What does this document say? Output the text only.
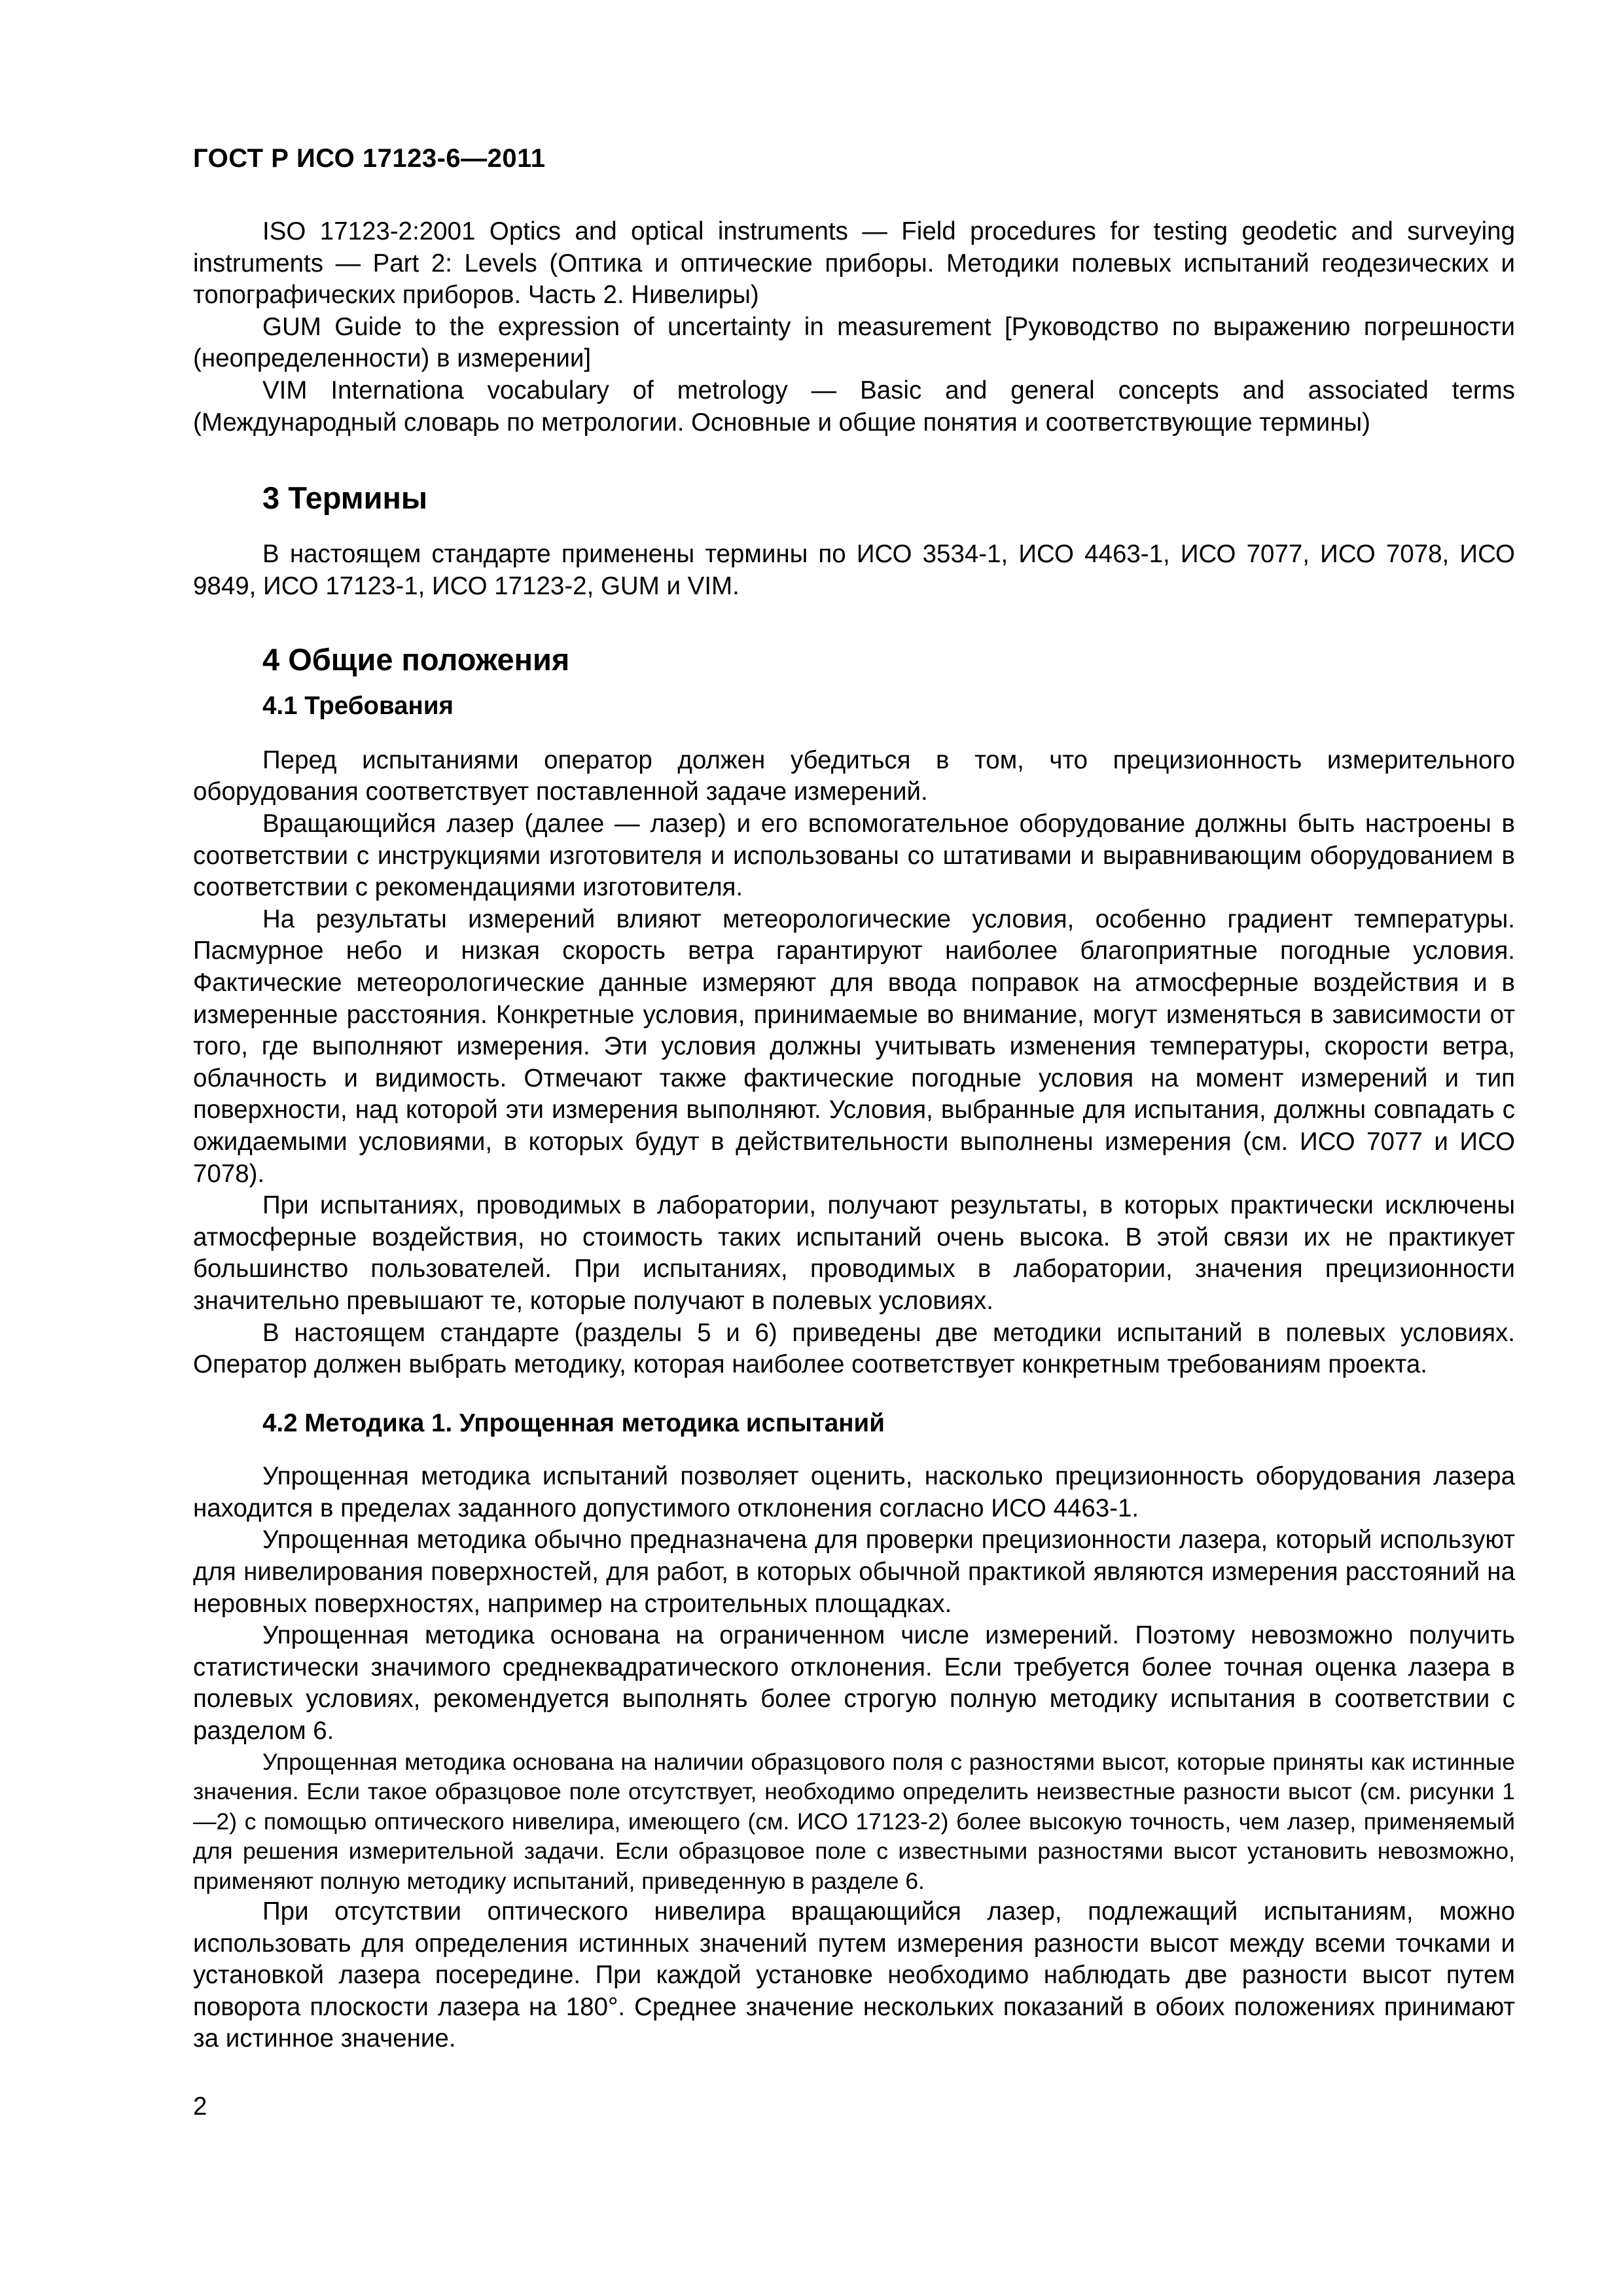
ГОСТ Р ИСО 17123-6—2011

ISO 17123-2:2001 Optics and optical instruments — Field procedures for testing geodetic and surveying instruments — Part 2: Levels (Оптика и оптические приборы. Методики полевых испытаний геодезических и топографических приборов. Часть 2. Нивелиры)

GUM Guide to the expression of uncertainty in measurement [Руководство по выражению погрешности (неопределенности) в измерении]

VIM Internationa vocabulary of metrology — Basic and general concepts and associated terms (Международный словарь по метрологии. Основные и общие понятия и соответствующие термины)

3 Термины

В настоящем стандарте применены термины по ИСО 3534-1, ИСО 4463-1, ИСО 7077, ИСО 7078, ИСО 9849, ИСО 17123-1, ИСО 17123-2, GUM и VIM.

4 Общие положения
4.1 Требования

Перед испытаниями оператор должен убедиться в том, что прецизионность измерительного оборудования соответствует поставленной задаче измерений.

Вращающийся лазер (далее — лазер) и его вспомогательное оборудование должны быть настроены в соответствии с инструкциями изготовителя и использованы со штативами и выравнивающим оборудованием в соответствии с рекомендациями изготовителя.

На результаты измерений влияют метеорологические условия, особенно градиент температуры. Пасмурное небо и низкая скорость ветра гарантируют наиболее благоприятные погодные условия. Фактические метеорологические данные измеряют для ввода поправок на атмосферные воздействия и в измеренные расстояния. Конкретные условия, принимаемые во внимание, могут изменяться в зависимости от того, где выполняют измерения. Эти условия должны учитывать изменения температуры, скорости ветра, облачность и видимость. Отмечают также фактические погодные условия на момент измерений и тип поверхности, над которой эти измерения выполняют. Условия, выбранные для испытания, должны совпадать с ожидаемыми условиями, в которых будут в действительности выполнены измерения (см. ИСО 7077 и ИСО 7078).

При испытаниях, проводимых в лаборатории, получают результаты, в которых практически исключены атмосферные воздействия, но стоимость таких испытаний очень высока. В этой связи их не практикует большинство пользователей. При испытаниях, проводимых в лаборатории, значения прецизионности значительно превышают те, которые получают в полевых условиях.

В настоящем стандарте (разделы 5 и 6) приведены две методики испытаний в полевых условиях. Оператор должен выбрать методику, которая наиболее соответствует конкретным требованиям проекта.

4.2 Методика 1. Упрощенная методика испытаний

Упрощенная методика испытаний позволяет оценить, насколько прецизионность оборудования лазера находится в пределах заданного допустимого отклонения согласно ИСО 4463-1.

Упрощенная методика обычно предназначена для проверки прецизионности лазера, который используют для нивелирования поверхностей, для работ, в которых обычной практикой являются измерения расстояний на неровных поверхностях, например на строительных площадках.

Упрощенная методика основана на ограниченном числе измерений. Поэтому невозможно получить статистически значимого среднеквадратического отклонения. Если требуется более точная оценка лазера в полевых условиях, рекомендуется выполнять более строгую полную методику испытания в соответствии с разделом 6.

Упрощенная методика основана на наличии образцового поля с разностями высот, которые приняты как истинные значения. Если такое образцовое поле отсутствует, необходимо определить неизвестные разности высот (см. рисунки 1—2) с помощью оптического нивелира, имеющего (см. ИСО 17123-2) более высокую точность, чем лазер, применяемый для решения измерительной задачи. Если образцовое поле с известными разностями высот установить невозможно, применяют полную методику испытаний, приведенную в разделе 6.

При отсутствии оптического нивелира вращающийся лазер, подлежащий испытаниям, можно использовать для определения истинных значений путем измерения разности высот между всеми точками и установкой лазера посередине. При каждой установке необходимо наблюдать две разности высот путем поворота плоскости лазера на 180°. Среднее значение нескольких показаний в обоих положениях принимают за истинное значение.

2
